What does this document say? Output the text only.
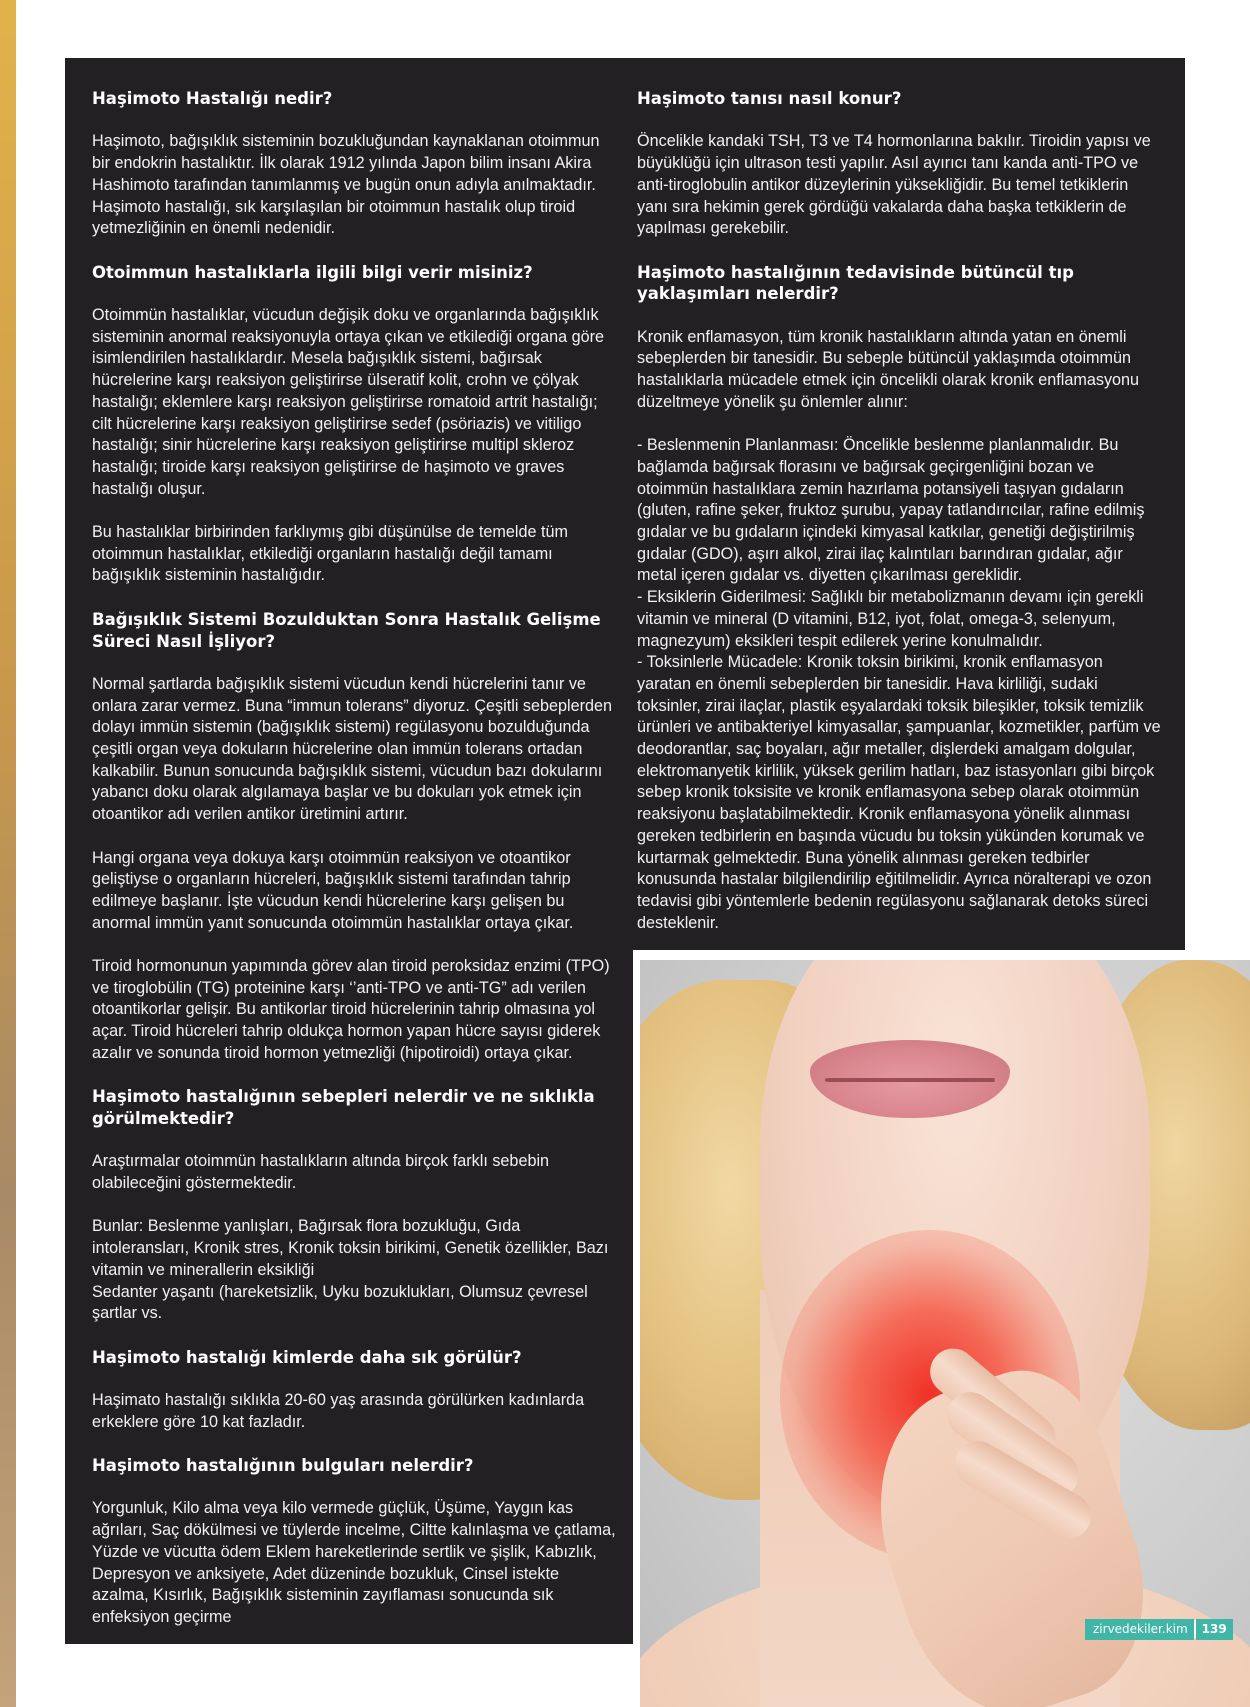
Haşimoto Hastalığı nedir?

Haşimoto, bağışıklık sisteminin bozukluğundan kaynaklanan otoimmun bir endokrin hastalıktır. İlk olarak 1912 yılında Japon bilim insanı Akira Hashimoto tarafından tanımlanmış ve bugün onun adıyla anılmaktadır. Haşimoto hastalığı, sık karşılaşılan bir otoimmun hastalık olup tiroid yetmezliğinin en önemli nedenidir.

Otoimmun hastalıklarla ilgili bilgi verir misiniz?

Otoimmün hastalıklar, vücudun değişik doku ve organlarında bağışıklık sisteminin anormal reaksiyonuyla ortaya çıkan ve etkilediği organa göre isimlendirilen hastalıklardır. Mesela bağışıklık sistemi, bağırsak hücrelerine karşı reaksiyon geliştirirse ülseratif kolit, crohn ve çölyak hastalığı; eklemlere karşı reaksiyon geliştirirse romatoid artrit hastalığı; cilt hücrelerine karşı reaksiyon geliştirirse sedef (psöriazis) ve vitiligo hastalığı; sinir hücrelerine karşı reaksiyon geliştirirse multipl skleroz hastalığı; tiroide karşı reaksiyon geliştirirse de haşimoto ve graves hastalığı oluşur.

Bu hastalıklar birbirinden farklıymış gibi düşünülse de temelde tüm otoimmun hastalıklar, etkilediği organların hastalığı değil tamamı bağışıklık sisteminin hastalığıdır.

Bağışıklık Sistemi Bozulduktan Sonra Hastalık Gelişme Süreci Nasıl İşliyor?

Normal şartlarda bağışıklık sistemi vücudun kendi hücrelerini tanır ve onlara zarar vermez. Buna “immun tolerans” diyoruz. Çeşitli sebeplerden dolayı immün sistemin (bağışıklık sistemi) regülasyonu bozulduğunda çeşitli organ veya dokuların hücrelerine olan immün tolerans ortadan kalkabilir. Bunun sonucunda bağışıklık sistemi, vücudun bazı dokularını yabancı doku olarak algılamaya başlar ve bu dokuları yok etmek için otoantikor adı verilen antikor üretimini artırır.

Hangi organa veya dokuya karşı otoimmün reaksiyon ve otoantikor geliştiyse o organların hücreleri, bağışıklık sistemi tarafından tahrip edilmeye başlanır. İşte vücudun kendi hücrelerine karşı gelişen bu anormal immün yanıt sonucunda otoimmün hastalıklar ortaya çıkar.

Tiroid hormonunun yapımında görev alan tiroid peroksidaz enzimi (TPO) ve tiroglobülin (TG) proteinine karşı ‘’anti-TPO ve anti-TG” adı verilen otoantikorlar gelişir. Bu antikorlar tiroid hücrelerinin tahrip olmasına yol açar. Tiroid hücreleri tahrip oldukça hormon yapan hücre sayısı giderek azalır ve sonunda tiroid hormon yetmezliği (hipotiroidi) ortaya çıkar.

Haşimoto hastalığının sebepleri nelerdir ve ne sıklıkla görülmektedir?

Araştırmalar otoimmün hastalıkların altında birçok farklı sebebin olabileceğini göstermektedir.

Bunlar: Beslenme yanlışları, Bağırsak flora bozukluğu, Gıda intoleransları, Kronik stres, Kronik toksin birikimi, Genetik özellikler, Bazı vitamin ve minerallerin eksikliği
Sedanter yaşantı (hareketsizlik, Uyku bozuklukları, Olumsuz çevresel şartlar vs.

Haşimoto hastalığı kimlerde daha sık görülür?

Haşimato hastalığı sıklıkla 20-60 yaş arasında görülürken kadınlarda erkeklere göre 10 kat fazladır.

Haşimoto hastalığının bulguları nelerdir?

Yorgunluk, Kilo alma veya kilo vermede güçlük, Üşüme, Yaygın kas ağrıları, Saç dökülmesi ve tüylerde incelme, Ciltte kalınlaşma ve çatlama, Yüzde ve vücutta ödem Eklem hareketlerinde sertlik ve şişlik, Kabızlık, Depresyon ve anksiyete, Adet düzeninde bozukluk, Cinsel istekte azalma, Kısırlık, Bağışıklık sisteminin zayıflaması sonucunda sık enfeksiyon geçirme

Haşimoto tanısı nasıl konur?

Öncelikle kandaki TSH, T3 ve T4 hormonlarına bakılır. Tiroidin yapısı ve büyüklüğü için ultrason testi yapılır. Asıl ayırıcı tanı kanda anti-TPO ve anti-tiroglobulin antikor düzeylerinin yüksekliğidir. Bu temel tetkiklerin yanı sıra hekimin gerek gördüğü vakalarda daha başka tetkiklerin de yapılması gerekebilir.

Haşimoto hastalığının tedavisinde bütüncül tıp yaklaşımları nelerdir?

Kronik enflamasyon, tüm kronik hastalıkların altında yatan en önemli sebeplerden bir tanesidir. Bu sebeple bütüncül yaklaşımda otoimmün hastalıklarla mücadele etmek için öncelikli olarak kronik enflamasyonu düzeltmeye yönelik şu önlemler alınır:

- Beslenmenin Planlanması: Öncelikle beslenme planlanmalıdır. Bu bağlamda bağırsak florasını ve bağırsak geçirgenliğini bozan ve otoimmün hastalıklara zemin hazırlama potansiyeli taşıyan gıdaların (gluten, rafine şeker, fruktoz şurubu, yapay tatlandırıcılar, rafine edilmiş gıdalar ve bu gıdaların içindeki kimyasal katkılar, genetiği değiştirilmiş gıdalar (GDO), aşırı alkol, zirai ilaç kalıntıları barındıran gıdalar, ağır metal içeren gıdalar vs. diyetten çıkarılması gereklidir.
- Eksiklerin Giderilmesi: Sağlıklı bir metabolizmanın devamı için gerekli vitamin ve mineral (D vitamini, B12, iyot, folat, omega-3, selenyum, magnezyum) eksikleri tespit edilerek yerine konulmalıdır.
- Toksinlerle Mücadele: Kronik toksin birikimi, kronik enflamasyon yaratan en önemli sebeplerden bir tanesidir. Hava kirliliği, sudaki toksinler, zirai ilaçlar, plastik eşyalardaki toksik bileşikler, toksik temizlik ürünleri ve antibakteriyel kimyasallar, şampuanlar, kozmetikler, parfüm ve deodorantlar, saç boyaları, ağır metaller, dişlerdeki amalgam dolgular, elektromanyetik kirlilik, yüksek gerilim hatları, baz istasyonları gibi birçok sebep kronik toksisite ve kronik enflamasyona sebep olarak otoimmün reaksiyonu başlatabilmektedir. Kronik enflamasyona yönelik alınması gereken tedbirlerin en başında vücudu bu toksin yükünden korumak ve kurtarmak gelmektedir. Buna yönelik alınması gereken tedbirler konusunda hastalar bilgilendirilip eğitilmelidir. Ayrıca nöralterapi ve ozon tedavisi gibi yöntemlerle bedenin regülasyonu sağlanarak detoks süreci desteklenir.

zirvedekiler.kim	139
